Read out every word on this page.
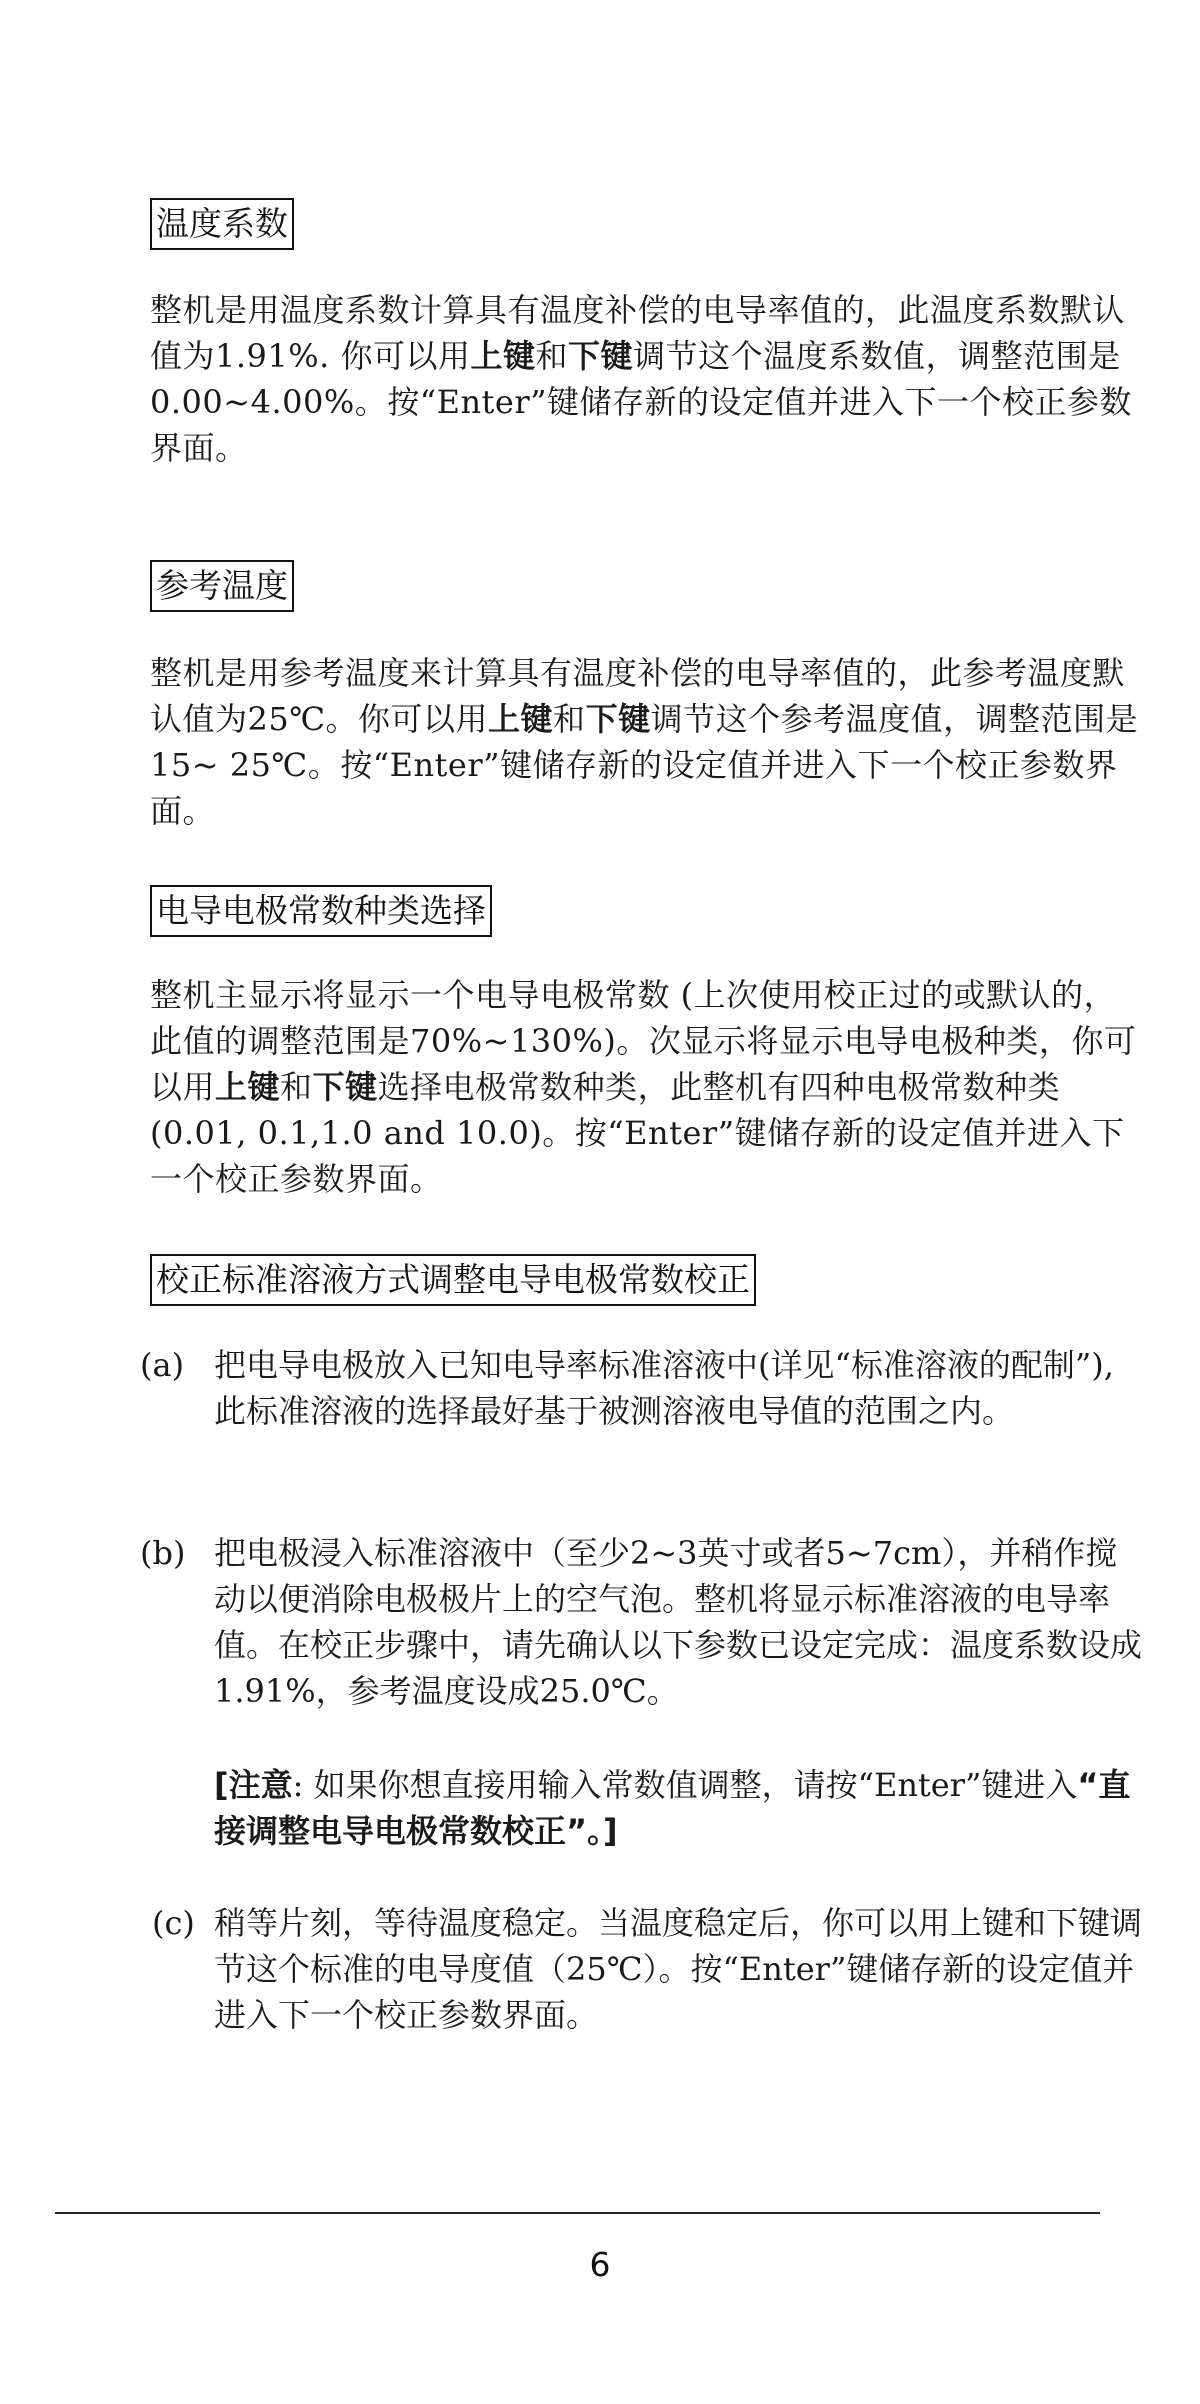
温度系数
整机是用温度系数计算具有温度补偿的电导率值的，此温度系数默认值为1.91%. 你可以用上键和下键调节这个温度系数值，调整范围是0.00~4.00%。按“Enter”键储存新的设定值并进入下一个校正参数界面。
参考温度
整机是用参考温度来计算具有温度补偿的电导率值的，此参考温度默认值为25℃。你可以用上键和下键调节这个参考温度值，调整范围是15~ 25℃。按“Enter”键储存新的设定值并进入下一个校正参数界面。
电导电极常数种类选择
整机主显示将显示一个电导电极常数 (上次使用校正过的或默认的，此值的调整范围是70%~130%)。次显示将显示电导电极种类，你可以用上键和下键选择电极常数种类，此整机有四种电极常数种类 (0.01, 0.1,1.0 and 10.0)。按“Enter”键储存新的设定值并进入下一个校正参数界面。
校正标准溶液方式调整电导电极常数校正
(a) 把电导电极放入已知电导率标准溶液中(详见“标准溶液的配制”), 此标准溶液的选择最好基于被测溶液电导值的范围之内。
(b) 把电极浸入标准溶液中（至少2~3英寸或者5~7cm），并稍作搅动以便消除电极极片上的空气泡。整机将显示标准溶液的电导率值。在校正步骤中，请先确认以下参数已设定完成：温度系数设成1.91%，参考温度设成25.0℃。
[注意: 如果你想直接用输入常数值调整，请按“Enter”键进入“直接调整电导电极常数校正”。]
(c) 稍等片刻，等待温度稳定。当温度稳定后，你可以用上键和下键调节这个标准的电导度值（25℃）。按“Enter”键储存新的设定值并进入下一个校正参数界面。
6
